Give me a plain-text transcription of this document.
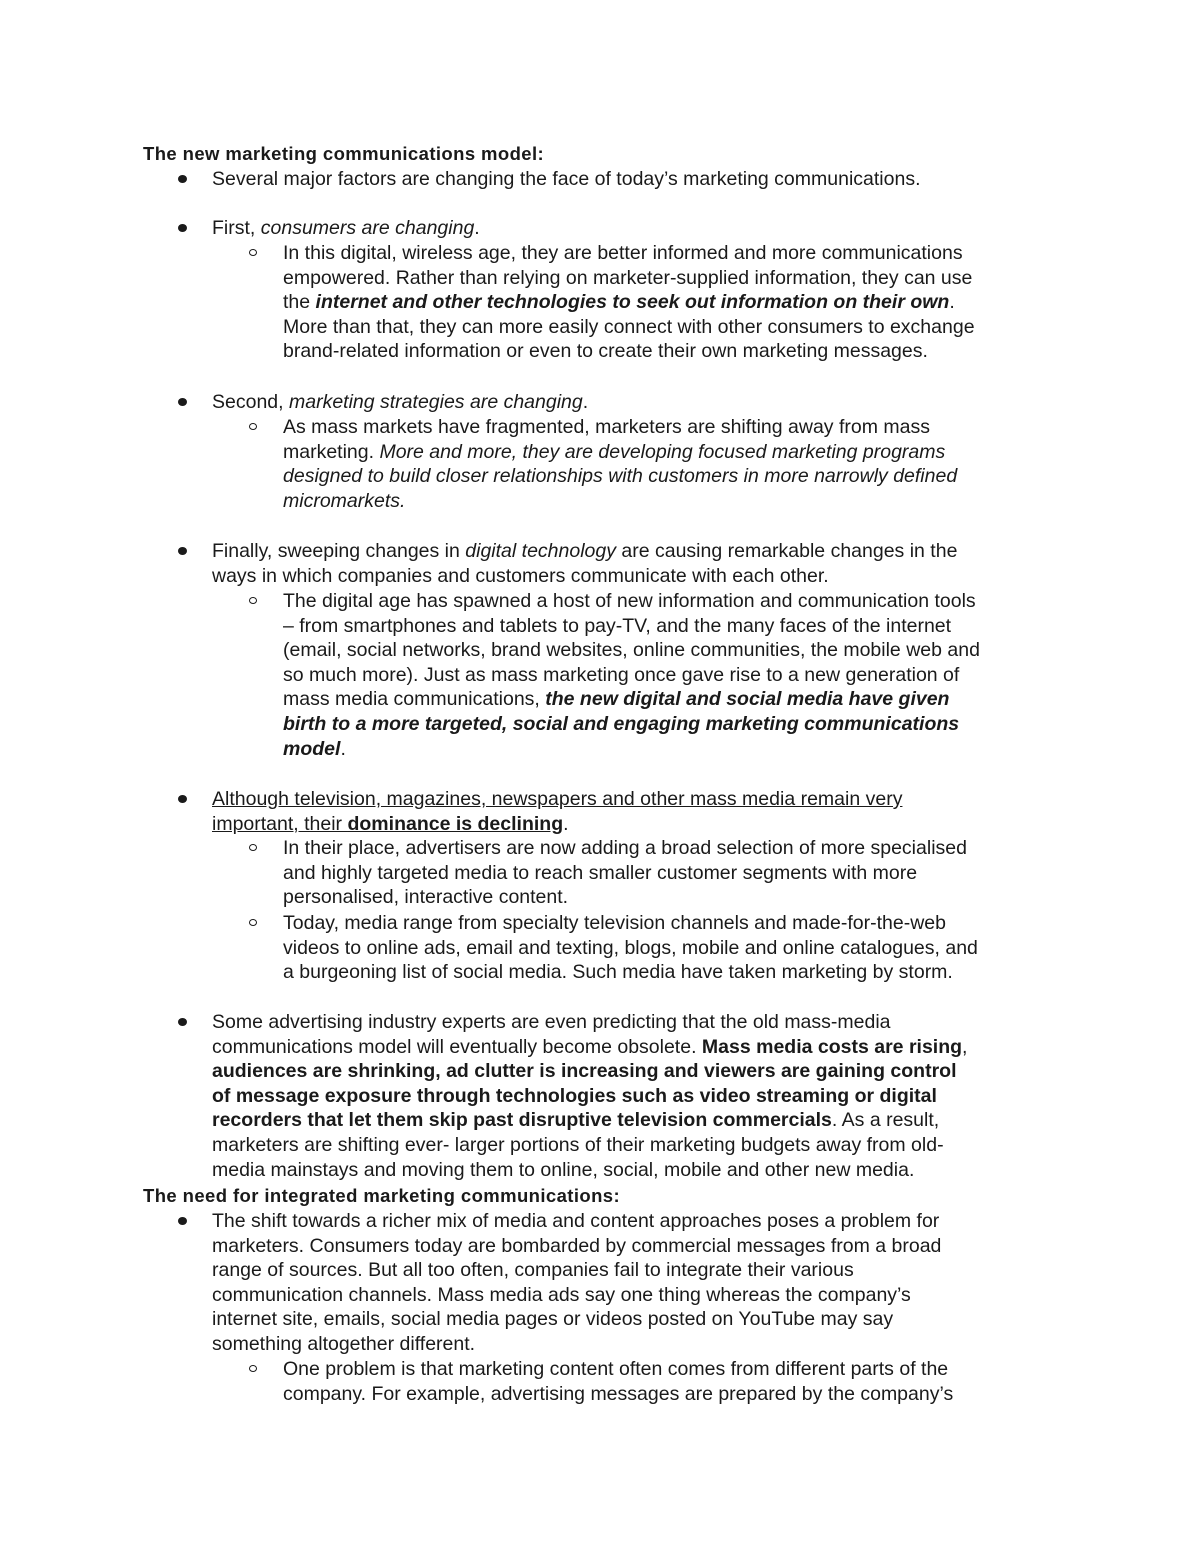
The new marketing communications model:
Several major factors are changing the face of today’s marketing communications.
First, consumers are changing.
In this digital, wireless age, they are better informed and more communications
empowered. Rather than relying on marketer-supplied information, they can use
the internet and other technologies to seek out information on their own.
More than that, they can more easily connect with other consumers to exchange
brand-related information or even to create their own marketing messages.
Second, marketing strategies are changing.
As mass markets have fragmented, marketers are shifting away from mass
marketing. More and more, they are developing focused marketing programs
designed to build closer relationships with customers in more narrowly defined
micromarkets.
Finally, sweeping changes in digital technology are causing remarkable changes in the
ways in which companies and customers communicate with each other.
The digital age has spawned a host of new information and communication tools
– from smartphones and tablets to pay-TV, and the many faces of the internet
(email, social networks, brand websites, online communities, the mobile web and
so much more). Just as mass marketing once gave rise to a new generation of
mass media communications, the new digital and social media have given
birth to a more targeted, social and engaging marketing communications
model.
Although television, magazines, newspapers and other mass media remain very
important, their dominance is declining.
In their place, advertisers are now adding a broad selection of more specialised
and highly targeted media to reach smaller customer segments with more
personalised, interactive content.
Today, media range from specialty television channels and made-for-the-web
videos to online ads, email and texting, blogs, mobile and online catalogues, and
a burgeoning list of social media. Such media have taken marketing by storm.
Some advertising industry experts are even predicting that the old mass-media
communications model will eventually become obsolete. Mass media costs are rising,
audiences are shrinking, ad clutter is increasing and viewers are gaining control
of message exposure through technologies such as video streaming or digital
recorders that let them skip past disruptive television commercials. As a result,
marketers are shifting ever- larger portions of their marketing budgets away from old-
media mainstays and moving them to online, social, mobile and other new media.
The need for integrated marketing communications:
The shift towards a richer mix of media and content approaches poses a problem for
marketers. Consumers today are bombarded by commercial messages from a broad
range of sources. But all too often, companies fail to integrate their various
communication channels. Mass media ads say one thing whereas the company’s
internet site, emails, social media pages or videos posted on YouTube may say
something altogether different.
One problem is that marketing content often comes from different parts of the
company. For example, advertising messages are prepared by the company’s
